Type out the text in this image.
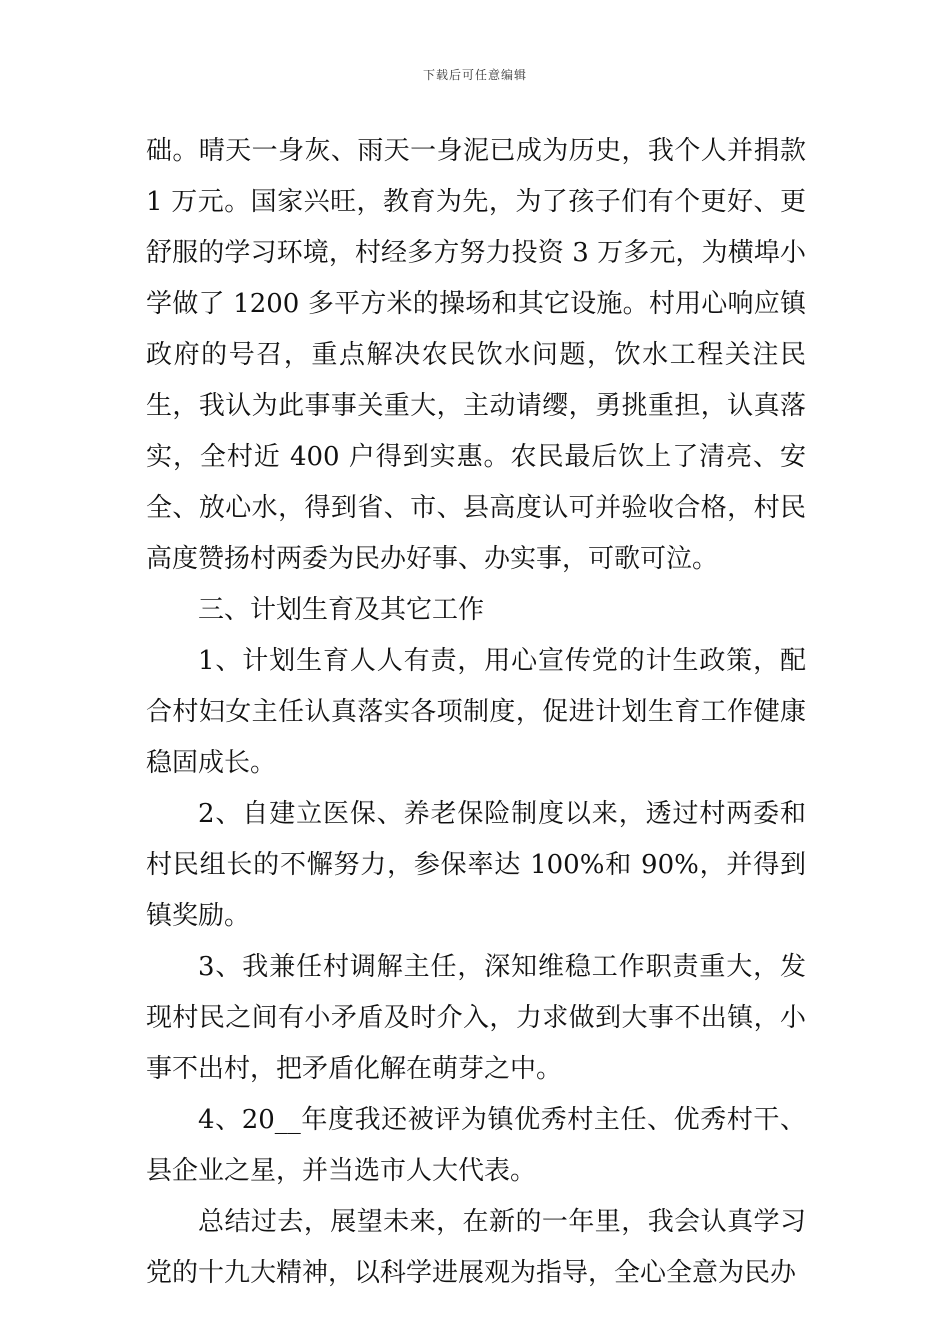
下载后可任意编辑

础。晴天一身灰、雨天一身泥已成为历史，我个人并捐款 1 万元。国家兴旺，教育为先，为了孩子们有个更好、更舒服的学习环境，村经多方努力投资 3 万多元，为横埠小学做了 1200 多平方米的操场和其它设施。村用心响应镇政府的号召，重点解决农民饮水问题，饮水工程关注民生，我认为此事事关重大，主动请缨，勇挑重担，认真落实，全村近 400 户得到实惠。农民最后饮上了清亮、安全、放心水，得到省、市、县高度认可并验收合格，村民高度赞扬村两委为民办好事、办实事，可歌可泣。

三、计划生育及其它工作

1、计划生育人人有责，用心宣传党的计生政策，配合村妇女主任认真落实各项制度，促进计划生育工作健康稳固成长。

2、自建立医保、养老保险制度以来，透过村两委和村民组长的不懈努力，参保率达 100%和 90%，并得到镇奖励。

3、我兼任村调解主任，深知维稳工作职责重大，发现村民之间有小矛盾及时介入，力求做到大事不出镇，小事不出村，把矛盾化解在萌芽之中。

4、20__年度我还被评为镇优秀村主任、优秀村干、县企业之星，并当选市人大代表。

总结过去，展望未来，在新的一年里，我会认真学习党的十九大精神，以科学进展观为指导，全心全意为民办
